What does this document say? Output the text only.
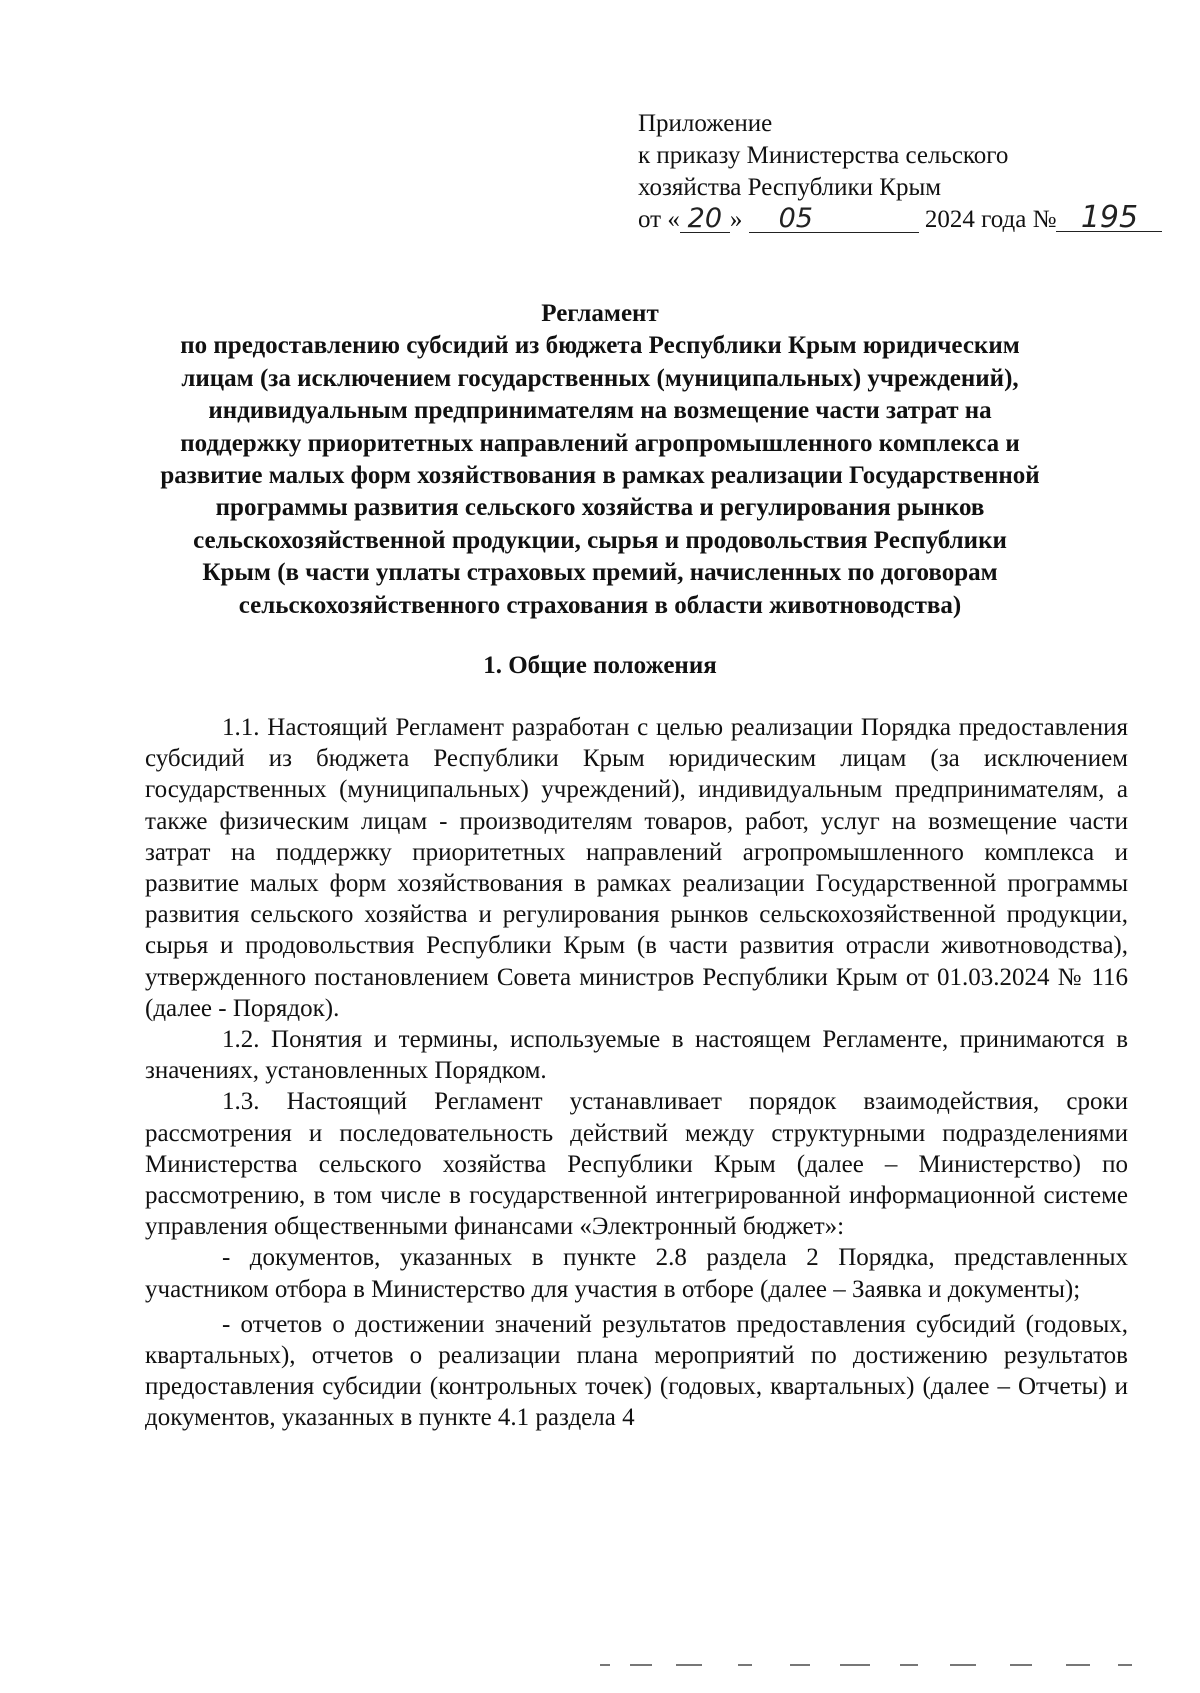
Приложение
к приказу Министерства сельского
хозяйства Республики Крым
от « 20 » 05	2024 года № 195
Регламент
по предоставлению субсидий из бюджета Республики Крым юридическим
лицам (за исключением государственных (муниципальных) учреждений),
индивидуальным предпринимателям на возмещение части затрат на
поддержку приоритетных направлений агропромышленного комплекса и
развитие малых форм хозяйствования в рамках реализации Государственной
программы развития сельского хозяйства и регулирования рынков
сельскохозяйственной продукции, сырья и продовольствия Республики
Крым (в части уплаты страховых премий, начисленных по договорам
сельскохозяйственного страхования в области животноводства)
1. Общие положения

1.1. Настоящий Регламент разработан с целью реализации Порядка предоставления субсидий из бюджета Республики Крым юридическим лицам (за исключением государственных (муниципальных) учреждений), индивидуальным предпринимателям, а также физическим лицам - производителям товаров, работ, услуг на возмещение части затрат на поддержку приоритетных направлений агропромышленного комплекса и развитие малых форм хозяйствования в рамках реализации Государственной программы развития сельского хозяйства и регулирования рынков сельскохозяйственной продукции, сырья и продовольствия Республики Крым (в части развития отрасли животноводства), утвержденного постановлением Совета министров Республики Крым от 01.03.2024 № 116 (далее - Порядок).

1.2. Понятия и термины, используемые в настоящем Регламенте, принимаются в значениях, установленных Порядком.

1.3. Настоящий Регламент устанавливает порядок взаимодействия, сроки рассмотрения и последовательность действий между структурными подразделениями Министерства сельского хозяйства Республики Крым (далее – Министерство) по рассмотрению, в том числе в государственной интегрированной информационной системе управления общественными финансами «Электронный бюджет»:

- документов, указанных в пункте 2.8 раздела 2 Порядка, представленных участником отбора в Министерство для участия в отборе (далее – Заявка и документы);

- отчетов о достижении значений результатов предоставления субсидий (годовых, квартальных), отчетов о реализации плана мероприятий по достижению результатов предоставления субсидии (контрольных точек) (годовых, квартальных) (далее – Отчеты) и документов, указанных в пункте 4.1 раздела 4
